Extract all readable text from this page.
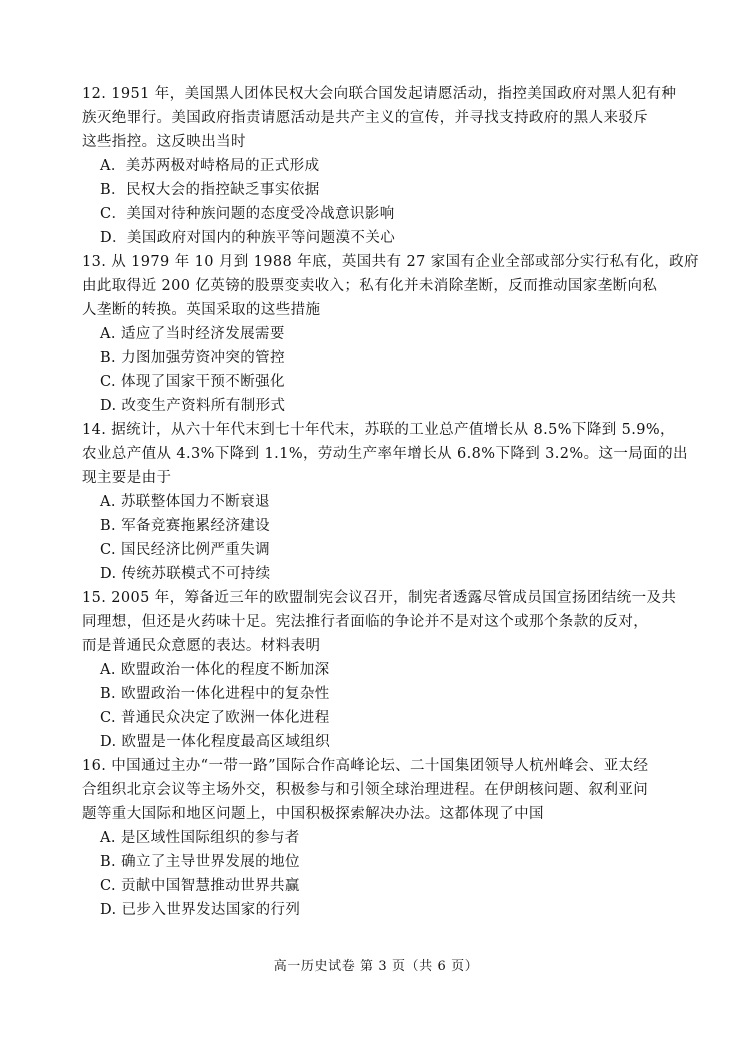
12. 1951 年，美国黑人团体民权大会向联合国发起请愿活动，指控美国政府对黑人犯有种
族灭绝罪行。美国政府指责请愿活动是共产主义的宣传，并寻找支持政府的黑人来驳斥
这些指控。这反映出当时
A．美苏两极对峙格局的正式形成
B．民权大会的指控缺乏事实依据
C．美国对待种族问题的态度受冷战意识影响
D．美国政府对国内的种族平等问题漠不关心
13. 从 1979 年 10 月到 1988 年底，英国共有 27 家国有企业全部或部分实行私有化，政府
由此取得近 200 亿英镑的股票变卖收入；私有化并未消除垄断，反而推动国家垄断向私
人垄断的转换。英国采取的这些措施
A. 适应了当时经济发展需要
B. 力图加强劳资冲突的管控
C. 体现了国家干预不断强化
D. 改变生产资料所有制形式
14. 据统计，从六十年代末到七十年代末，苏联的工业总产值增长从 8.5%下降到 5.9%，
农业总产值从 4.3%下降到 1.1%，劳动生产率年增长从 6.8%下降到 3.2%。这一局面的出
现主要是由于
A. 苏联整体国力不断衰退
B. 军备竞赛拖累经济建设
C. 国民经济比例严重失调
D. 传统苏联模式不可持续
15. 2005 年，筹备近三年的欧盟制宪会议召开，制宪者透露尽管成员国宣扬团结统一及共
同理想，但还是火药味十足。宪法推行者面临的争论并不是对这个或那个条款的反对，
而是普通民众意愿的表达。材料表明
A. 欧盟政治一体化的程度不断加深
B. 欧盟政治一体化进程中的复杂性
C. 普通民众决定了欧洲一体化进程
D. 欧盟是一体化程度最高区域组织
16. 中国通过主办“一带一路”国际合作高峰论坛、二十国集团领导人杭州峰会、亚太经
合组织北京会议等主场外交，积极参与和引领全球治理进程。在伊朗核问题、叙利亚问
题等重大国际和地区问题上，中国积极探索解决办法。这都体现了中国
A. 是区域性国际组织的参与者
B. 确立了主导世界发展的地位
C. 贡献中国智慧推动世界共赢
D. 已步入世界发达国家的行列
高一历史试卷 第 3 页（共 6 页）
